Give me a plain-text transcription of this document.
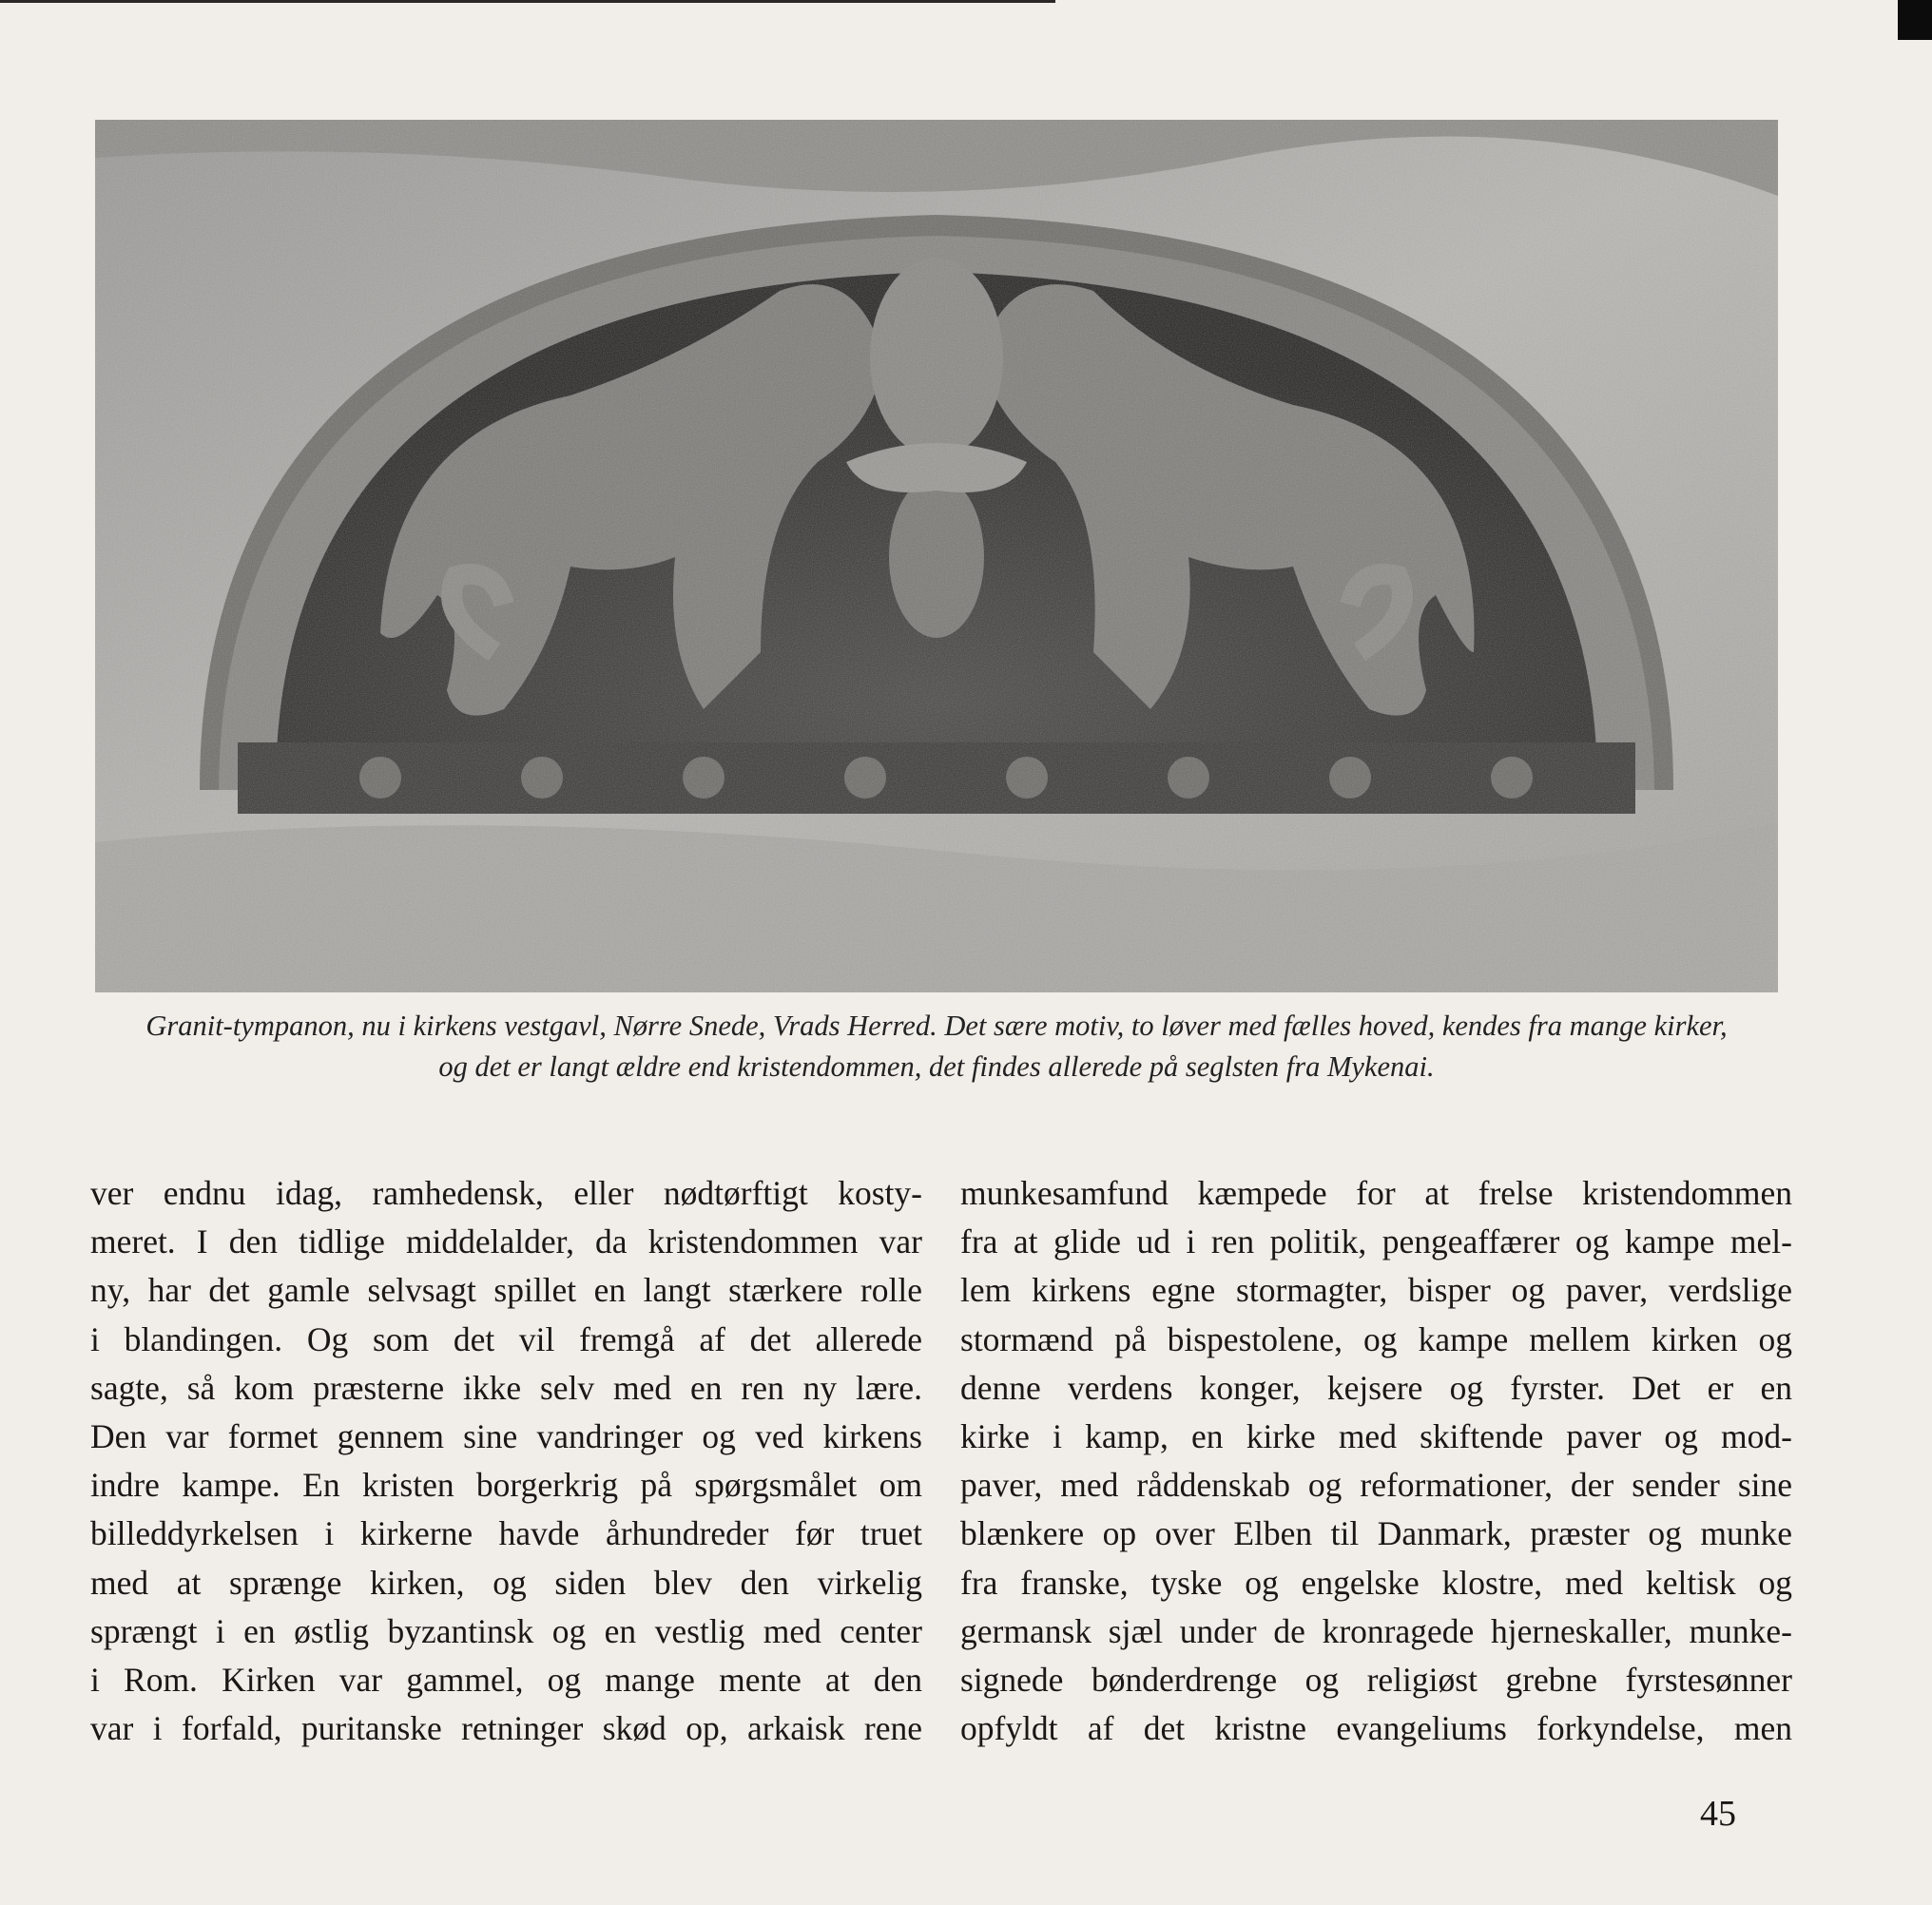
Granit-tympanon, nu i kirkens vestgavl, Nørre Snede, Vrads Herred. Det sære motiv, to løver med fælles hoved, kendes fra mange kirker,
og det er langt ældre end kristendommen, det findes allerede på seglsten fra Mykenai.
ver endnu idag, ramhedensk, eller nødtørftigt kosty-
meret. I den tidlige middelalder, da kristendommen var
ny, har det gamle selvsagt spillet en langt stærkere rolle
i blandingen. Og som det vil fremgå af det allerede
sagte, så kom præsterne ikke selv med en ren ny lære.
Den var formet gennem sine vandringer og ved kirkens
indre kampe. En kristen borgerkrig på spørgsmålet om
billeddyrkelsen i kirkerne havde århundreder før truet
med at sprænge kirken, og siden blev den virkelig
sprængt i en østlig byzantinsk og en vestlig med center
i Rom. Kirken var gammel, og mange mente at den
var i forfald, puritanske retninger skød op, arkaisk rene
munkesamfund kæmpede for at frelse kristendommen
fra at glide ud i ren politik, pengeaffærer og kampe mel-
lem kirkens egne stormagter, bisper og paver, verdslige
stormænd på bispestolene, og kampe mellem kirken og
denne verdens konger, kejsere og fyrster. Det er en
kirke i kamp, en kirke med skiftende paver og mod-
paver, med råddenskab og reformationer, der sender sine
blænkere op over Elben til Danmark, præster og munke
fra franske, tyske og engelske klostre, med keltisk og
germansk sjæl under de kronragede hjerneskaller, munke-
signede bønderdrenge og religiøst grebne fyrstesønner
opfyldt af det kristne evangeliums forkyndelse, men
45
